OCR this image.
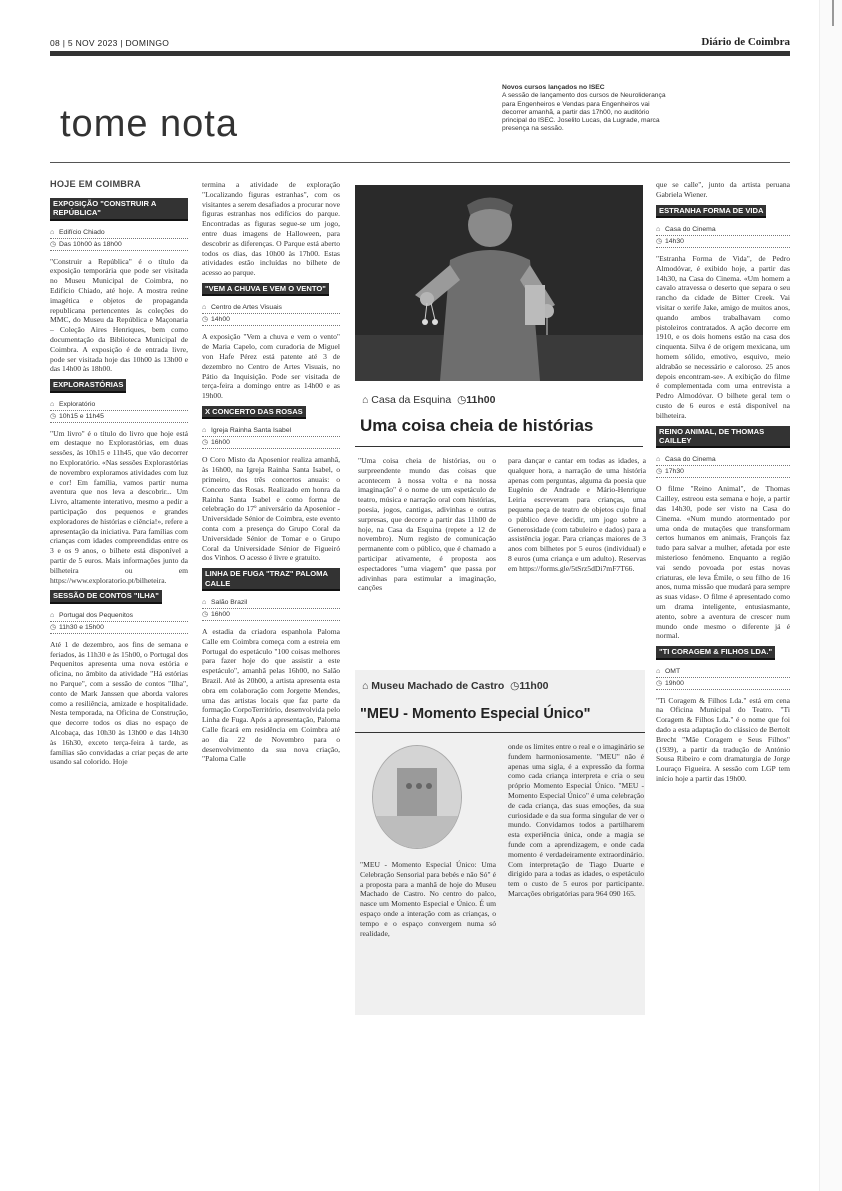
08 | 5 NOV 2023 | DOMINGO	Diário de Coimbra
tome nota
Novos cursos lançados no ISEC
A sessão de lançamento dos cursos de Neuroliderança para Engenheiros e Vendas para Engenheiros vai decorrer amanhã, a partir das 17h00, no auditório principal do ISEC. Joselito Lucas, da Lugrade, marca presença na sessão.
HOJE EM COIMBRA
EXPOSIÇÃO "CONSTRUIR A REPÚBLICA"
⌂ Edifício Chiado
◷ Das 10h00 às 18h00

"Construir a República" é o título da exposição temporária que pode ser visitada no Museu Municipal de Coimbra, no Edifício Chiado, até hoje. A mostra reúne imagética e objetos de propaganda republicana pertencentes às coleções do MMC, do Museu da República e Maçonaria – Coleção Aires Henriques, bem como documentação da Biblioteca Municipal de Coimbra. A exposição é de entrada livre, pode ser visitada hoje das 10h00 às 13h00 e das 14h00 às 18h00.

EXPLORASTÓRIAS
⌂ Exploratório
◷ 10h15 e 11h45

"Um livro" é o título do livro que hoje está em destaque no Explorastórias, em duas sessões, às 10h15 e 11h45, que vão decorrer no Exploratório. «Nas sessões Explorastórias de novembro exploramos atividades com luz e cor! Em família, vamos partir numa aventura que nos leva a descobrir... Um Livro, altamente interativo, mesmo a pedir a participação dos pequenos e grandes exploradores de histórias e ciência!», refere a apresentação da iniciativa. Para famílias com crianças com idades compreendidas entre os 3 e os 9 anos, o bilhete está disponível a partir de 5 euros. Mais informações junto da bilheteira ou em https://www.exploratorio.pt/bilheteira.

SESSÃO DE CONTOS "ILHA"
⌂ Portugal dos Pequenitos
◷ 11h30 e 15h00

Até 1 de dezembro, aos fins de semana e feriados, às 11h30 e às 15h00, o Portugal dos Pequenitos apresenta uma nova estória e oficina, no âmbito da atividade "Há estórias no Parque", com a sessão de contos "Ilha", conto de Mark Janssen que aborda valores como a resiliência, amizade e hospitalidade. Nesta temporada, na Oficina de Construção, que decorre todos os dias no espaço de Alcobaça, das 10h30 às 13h00 e das 14h30 às 16h30, exceto terça-feira à tarde, as famílias são convidadas a criar peças de arte usando sal colorido. Hoje

termina a atividade de exploração "Localizando figuras estranhas", com os visitantes a serem desafiados a procurar nove figuras estranhas nos edifícios do parque. Encontradas as figuras segue-se um jogo, entre duas imagens de Halloween, para descobrir as diferenças. O Parque está aberto todos os dias, das 10h00 às 17h00. Estas atividades estão incluídas no bilhete de acesso ao parque.

"VEM A CHUVA E VEM O VENTO"
⌂ Centro de Artes Visuais
◷ 14h00

A exposição "Vem a chuva e vem o vento" de Maria Capelo, com curadoria de Miguel von Hafe Pérez está patente até 3 de dezembro no Centro de Artes Visuais, no Pátio da Inquisição. Pode ser visitada de terça-feira a domingo entre as 14h00 e as 19h00.

X CONCERTO DAS ROSAS
⌂ Igreja Rainha Santa Isabel
◷ 16h00

O Coro Misto da Aposenior realiza amanhã, às 16h00, na Igreja Rainha Santa Isabel, o primeiro, dos três concertos anuais: o Concerto das Rosas. Realizado em honra da Rainha Santa Isabel e como forma de celebração do 17º aniversário da Aposenior - Universidade Sénior de Coimbra, este evento conta com a presença do Grupo Coral da Universidade Sénior de Tomar e o Grupo Coral da Universidade Sénior de Figueiró dos Vinhos. O acesso é livre e gratuito.

LINHA DE FUGA "TRAZ" PALOMA CALLE
⌂ Salão Brazil
◷ 16h00

A estadia da criadora espanhola Paloma Calle em Coimbra começa com a estreia em Portugal do espetáculo "100 coisas melhores para fazer hoje do que assistir a este espetáculo", amanhã pelas 16h00, no Salão Brazil. Até às 20h00, a artista apresenta esta obra em colaboração com Jorgette Mendes, uma das artistas locais que faz parte da formação CorpoTerritório, desenvolvida pelo Linha de Fuga. Após a apresentação, Paloma Calle ficará em residência em Coimbra até ao dia 22 de Novembro para o desenvolvimento da sua nova criação, "Paloma Calle

⌂ Casa da Esquina  ◷11h00
Uma coisa cheia de histórias

"Uma coisa cheia de histórias, ou o surpreendente mundo das coisas que acontecem à nossa volta e na nossa imaginação" é o nome de um espetáculo de teatro, música e narração oral com histórias, poesia, jogos, cantigas, adivinhas e outras surpresas, que decorre a partir das 11h00 de hoje, na Casa da Esquina (repete a 12 de novembro). Num registo de comunicação permanente com o público, que é chamado a participar ativamente, é proposta aos espectadores "uma viagem" que passa por adivinhas para estimular a imaginação, canções

para dançar e cantar em todas as idades, a qualquer hora, a narração de uma história apenas com perguntas, alguma da poesia que Eugénio de Andrade e Mário-Henrique Leiria escreveram para crianças, uma pequena peça de teatro de objetos cujo final o público deve decidir, um jogo sobre a Generosidade (com tabuleiro e dados) para a assistência jogar. Para crianças maiores de 3 anos com bilhetes por 5 euros (individual) e 8 euros (uma criança e um adulto). Reservas em https://forms.gle/5tSrz5dDi7mF7T66.

⌂ Museu Machado de Castro  ◷11h00
"MEU - Momento Especial Único"

"MEU - Momento Especial Único: Uma Celebração Sensorial para bebés e não Só" é a proposta para a manhã de hoje do Museu Machado de Castro. No centro do palco, nasce um Momento Especial e Único. É um espaço onde a interação com as crianças, o tempo e o espaço convergem numa só realidade,

onde os limites entre o real e o imaginário se fundem harmoniosamente. "MEU" não é apenas uma sigla, é a expressão da forma como cada criança interpreta e cria o seu próprio Momento Especial Único. "MEU - Momento Especial Único" é uma celebração de cada criança, das suas emoções, da sua curiosidade e da sua forma singular de ver o mundo. Convidamos todos a partilharem esta experiência única, onde a magia se funde com a aprendizagem, e onde cada momento é verdadeiramente extraordinário. Com interpretação de Tiago Duarte e dirigido para a todas as idades, o espetáculo tem o custo de 5 euros por participante. Marcações obrigatórias para 964 090 165.

que se calle", junto da artista peruana Gabriela Wiener.

ESTRANHA FORMA DE VIDA
⌂ Casa do Cinema
◷ 14h30

"Estranha Forma de Vida", de Pedro Almodóvar, é exibido hoje, a partir das 14h30, na Casa do Cinema. «Um homem a cavalo atravessa o deserto que separa o seu rancho da cidade de Bitter Creek. Vai visitar o xerife Jake, amigo de muitos anos, quando ambos trabalhavam como pistoleiros contratados. A ação decorre em 1910, e os dois homens estão na casa dos cinquenta. Silva é de origem mexicana, um homem sólido, emotivo, esquivo, meio aldrabão se necessário e caloroso. 25 anos depois encontram-se». A exibição do filme é complementada com uma entrevista a Pedro Almodóvar. O bilhete geral tem o custo de 6 euros e está disponível na bilheteira.

REINO ANIMAL, DE THOMAS CAILLEY
⌂ Casa do Cinema
◷ 17h30

O filme "Reino Animal", de Thomas Cailley, estreou esta semana e hoje, a partir das 14h30, pode ser visto na Casa do Cinema. «Num mundo atormentado por uma onda de mutações que transformam certos humanos em animais, François faz tudo para salvar a mulher, afetada por este misterioso fenómeno. Enquanto a região vai sendo povoada por estas novas criaturas, ele leva Émile, o seu filho de 16 anos, numa missão que mudará para sempre as suas vidas». O filme é apresentado como um drama inteligente, entusiasmante, atento, sobre a aventura de crescer num mundo onde mesmo o diferente já é normal.

"TI CORAGEM & FILHOS LDA."
⌂ OMT
◷ 19h00

"Ti Coragem & Filhos Lda." está em cena na Oficina Municipal do Teatro. "Ti Coragem & Filhos Lda." é o nome que foi dado a esta adaptação do clássico de Bertolt Brecht "Mãe Coragem e Seus Filhos" (1939), a partir da tradução de António Sousa Ribeiro e com dramaturgia de Jorge Louraço Figueira. A sessão com LGP tem início hoje a partir das 19h00.
